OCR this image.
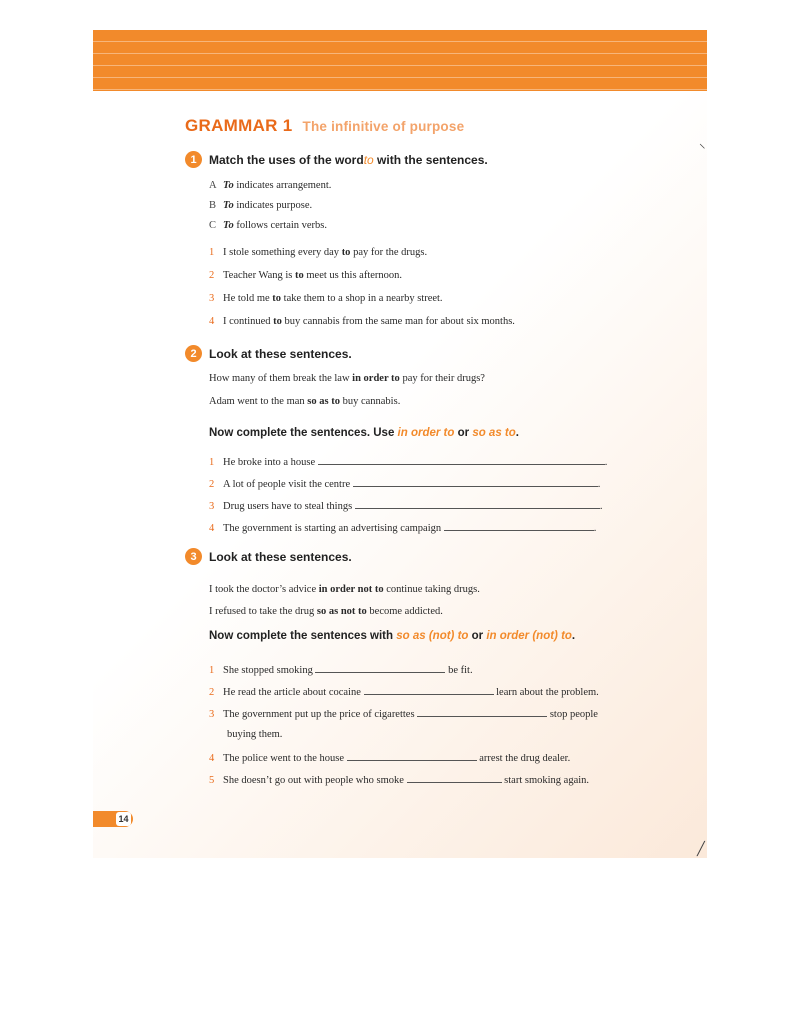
GRAMMAR 1 The infinitive of purpose
⸌
╱
1	Match the uses of the word to with the sentences.
A To indicates arrangement.
B To indicates purpose.
C To follows certain verbs.
1 I stole something every day to pay for the drugs.
2 Teacher Wang is to meet us this afternoon.
3 He told me to take them to a shop in a nearby street.
4 I continued to buy cannabis from the same man for about six months.
2	Look at these sentences.
How many of them break the law in order to pay for their drugs?
Adam went to the man so as to buy cannabis.
Now complete the sentences. Use in order to or so as to.
1 He broke into a house	.
2 A lot of people visit the centre	.
3 Drug users have to steal things	.
4 The government is starting an advertising campaign	.
3	Look at these sentences.
I took the doctor’s advice in order not to continue taking drugs.
I refused to take the drug so as not to become addicted.
Now complete the sentences with so as (not) to or in order (not) to.
1 She stopped smoking	be fit.
2 He read the article about cocaine	learn about the problem.
3 The government put up the price of cigarettes	stop people
buying them.
4 The police went to the house	arrest the drug dealer.
5 She doesn’t go out with people who smoke	start smoking again.
14
